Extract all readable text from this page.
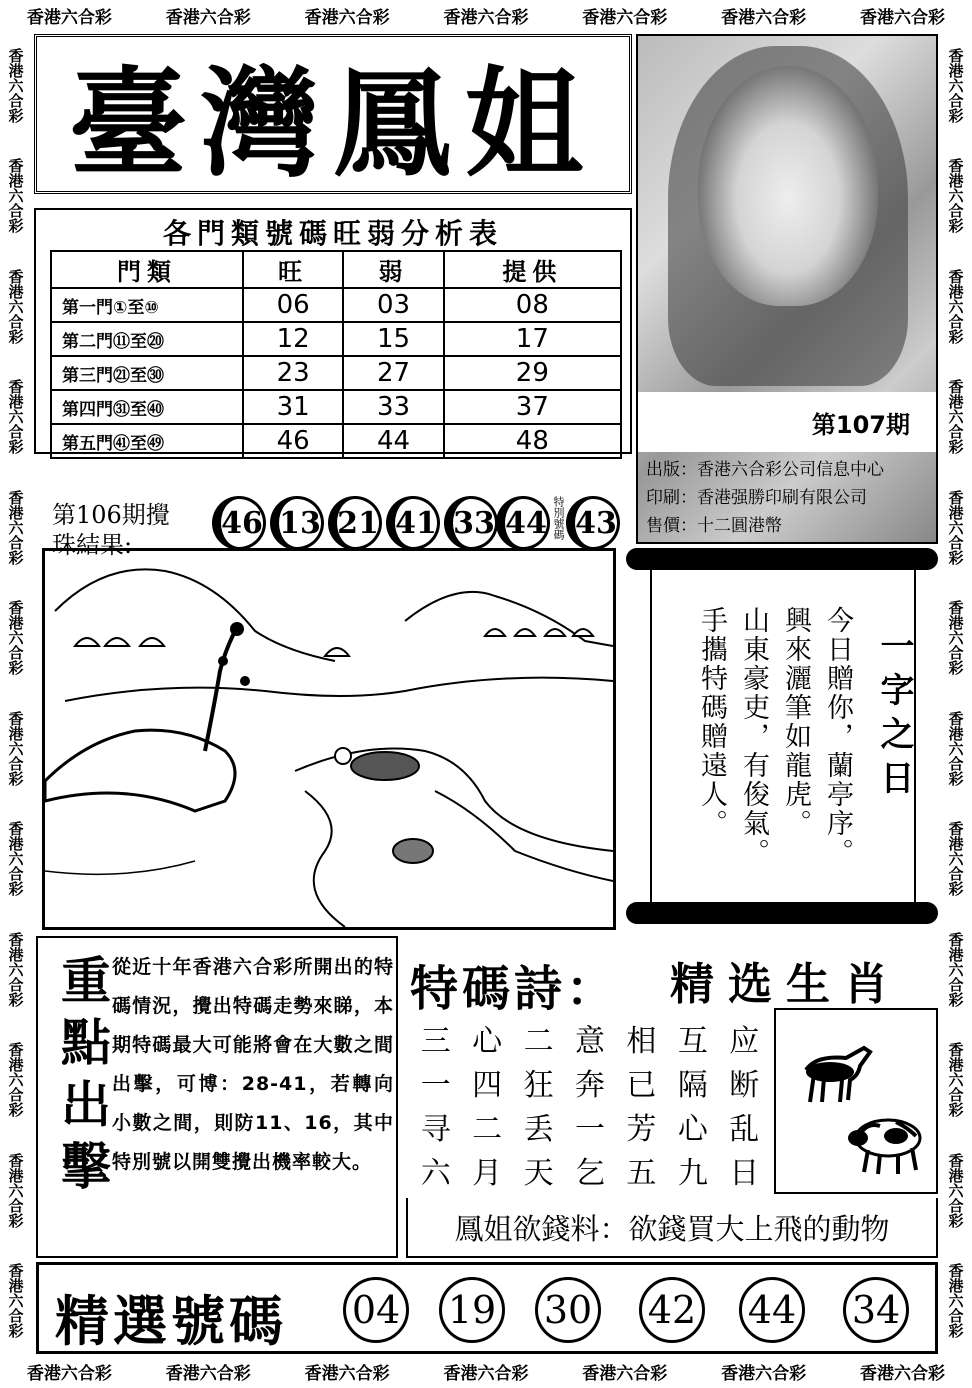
香港六合彩	香港六合彩	香港六合彩	香港六合彩	香港六合彩	香港六合彩	香港六合彩
香港六合彩	香港六合彩	香港六合彩	香港六合彩	香港六合彩	香港六合彩	香港六合彩
香港六合彩
香港六合彩
香港六合彩
香港六合彩
香港六合彩
香港六合彩
香港六合彩
香港六合彩
香港六合彩
香港六合彩
香港六合彩
香港六合彩
香港六合彩
香港六合彩
香港六合彩
香港六合彩
香港六合彩
香港六合彩
香港六合彩
香港六合彩
香港六合彩
香港六合彩
香港六合彩
香港六合彩
臺灣鳳姐
第107期
出版：香港六合彩公司信息中心
印刷：香港强勝印刷有限公司
售價：十二圓港幣
各門類號碼旺弱分析表
門類	旺	弱	提供
第一門①至⑩	06	03	08
第二門⑪至⑳	12	15	17
第三門㉑至㉚	23	27	29
第四門㉛至㊵	31	33	37
第五門㊶至㊾	46	44	48
第106期攪
珠結果:
46 13 21 41 33 44 特別號碼 43
一字之日
今日贈你，蘭亭序。
興來灑筆如龍虎。
山東豪吏，有俊氣。
手攜特碼贈遠人。
重點出擊 從近十年香港六合彩所開出的特碼情況，攪出特碼走勢來睇，本期特碼最大可能將會在大數之間出擊，可博：28-41，若轉向小數之間，則防11、16，其中特別號以開雙攪出機率較大。
特碼詩： 精选生肖
三 心 二 意 相 互 应
一 四 狂 奔 已 隔 断
寻 二 丢 一 芳 心 乱
六 月 天 乞 五 九 日
鳳姐欲錢料：欲錢買大上飛的動物
精選號碼 04 19 30 42 44 34
